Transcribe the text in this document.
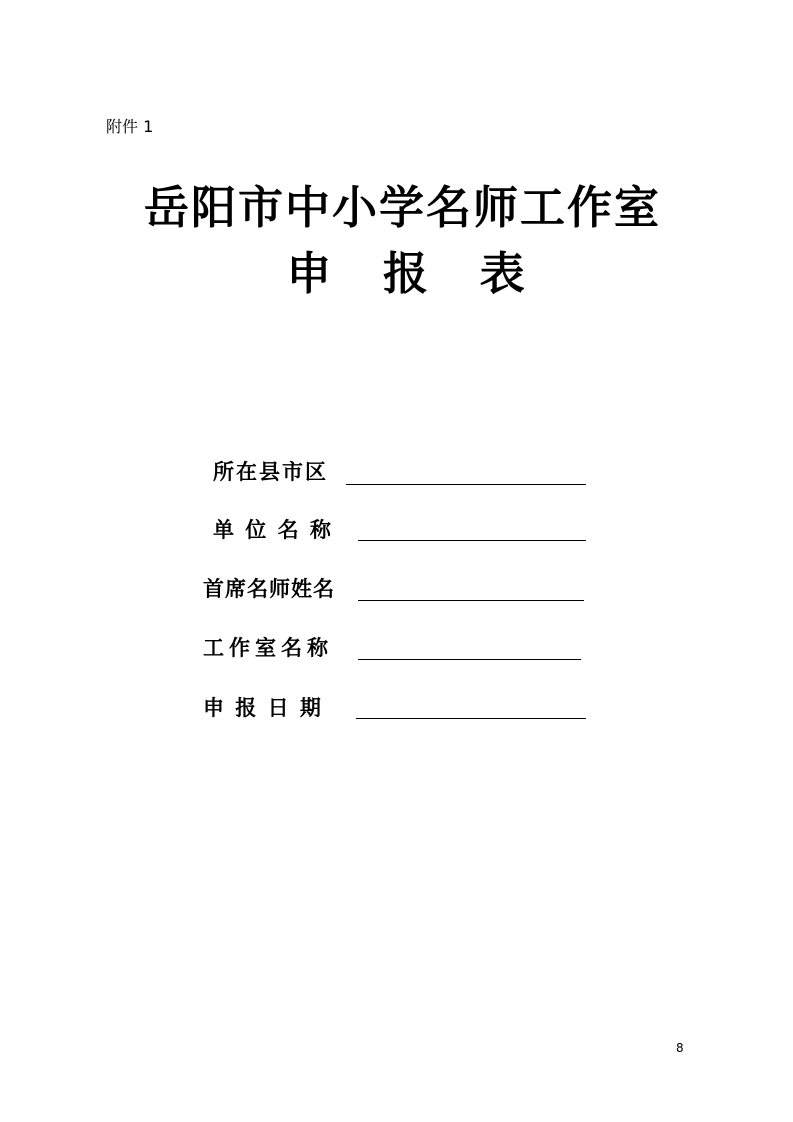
附件 1
岳阳市中小学名师工作室
申 报 表
所在县市区
单 位 名 称
首席名师姓名
工作室名称
申 报 日 期
8
